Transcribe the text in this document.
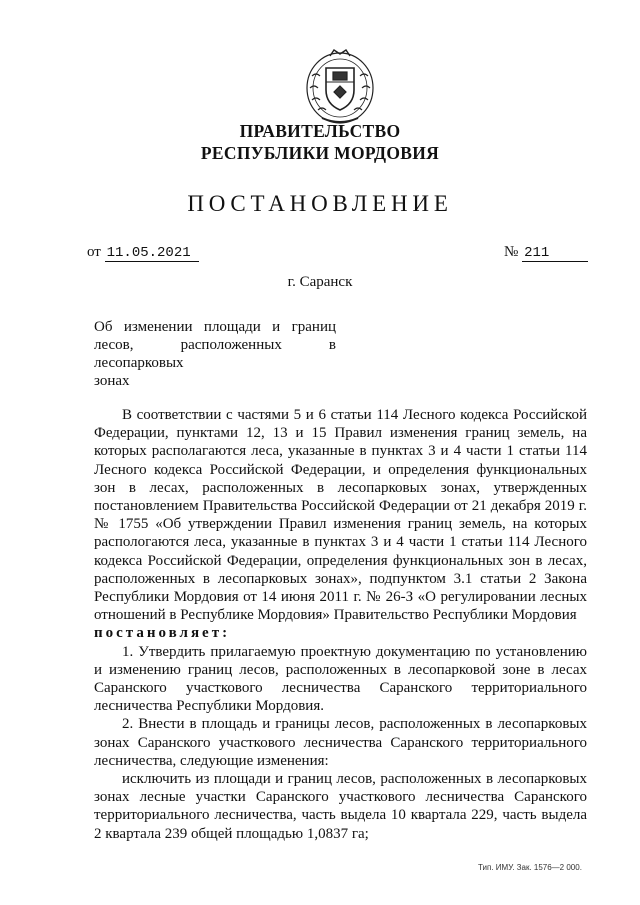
ПРАВИТЕЛЬСТВО
РЕСПУБЛИКИ МОРДОВИЯ
ПОСТАНОВЛЕНИЕ
от 11.05.2021	№ 211
г. Саранск
Об изменении площади и границ
лесов, расположенных в лесопарковых
зонах

В соответствии с частями 5 и 6 статьи 114 Лесного кодекса Российской Федерации, пунктами 12, 13 и 15 Правил изменения границ земель, на которых располагаются леса, указанные в пунктах 3 и 4 части 1 статьи 114 Лесного кодекса Российской Федерации, и определения функциональных зон в лесах, расположенных в лесопарковых зонах, утвержденных постановлением Правительства Российской Федерации от 21 декабря 2019 г. № 1755 «Об утверждении Правил изменения границ земель, на которых распологаются леса, указанные в пунктах 3 и 4 части 1 статьи 114 Лесного кодекса Российской Федерации, определения функциональных зон в лесах, расположенных в лесопарковых зонах», подпунктом 3.1 статьи 2 Закона Республики Мордовия от 14 июня 2011 г. № 26-З «О регулировании лесных отношений в Республике Мордовия» Правительство Республики Мордовия

постановляет:

1. Утвердить прилагаемую проектную документацию по установлению и изменению границ лесов, расположенных в лесопарковой зоне в лесах Саранского участкового лесничества Саранского территориального лесничества Республики Мордовия.

2. Внести в площадь и границы лесов, расположенных в лесопарковых зонах Саранского участкового лесничества Саранского территориального лесничества, следующие изменения:

исключить из площади и границ лесов, расположенных в лесопарковых зонах лесные участки Саранского участкового лесничества Саранского территориального лесничества, часть выдела 10 квартала 229, часть выдела 2 квартала 239 общей площадью 1,0837 га;

Тип. ИМУ. Зак. 1576—2 000.
